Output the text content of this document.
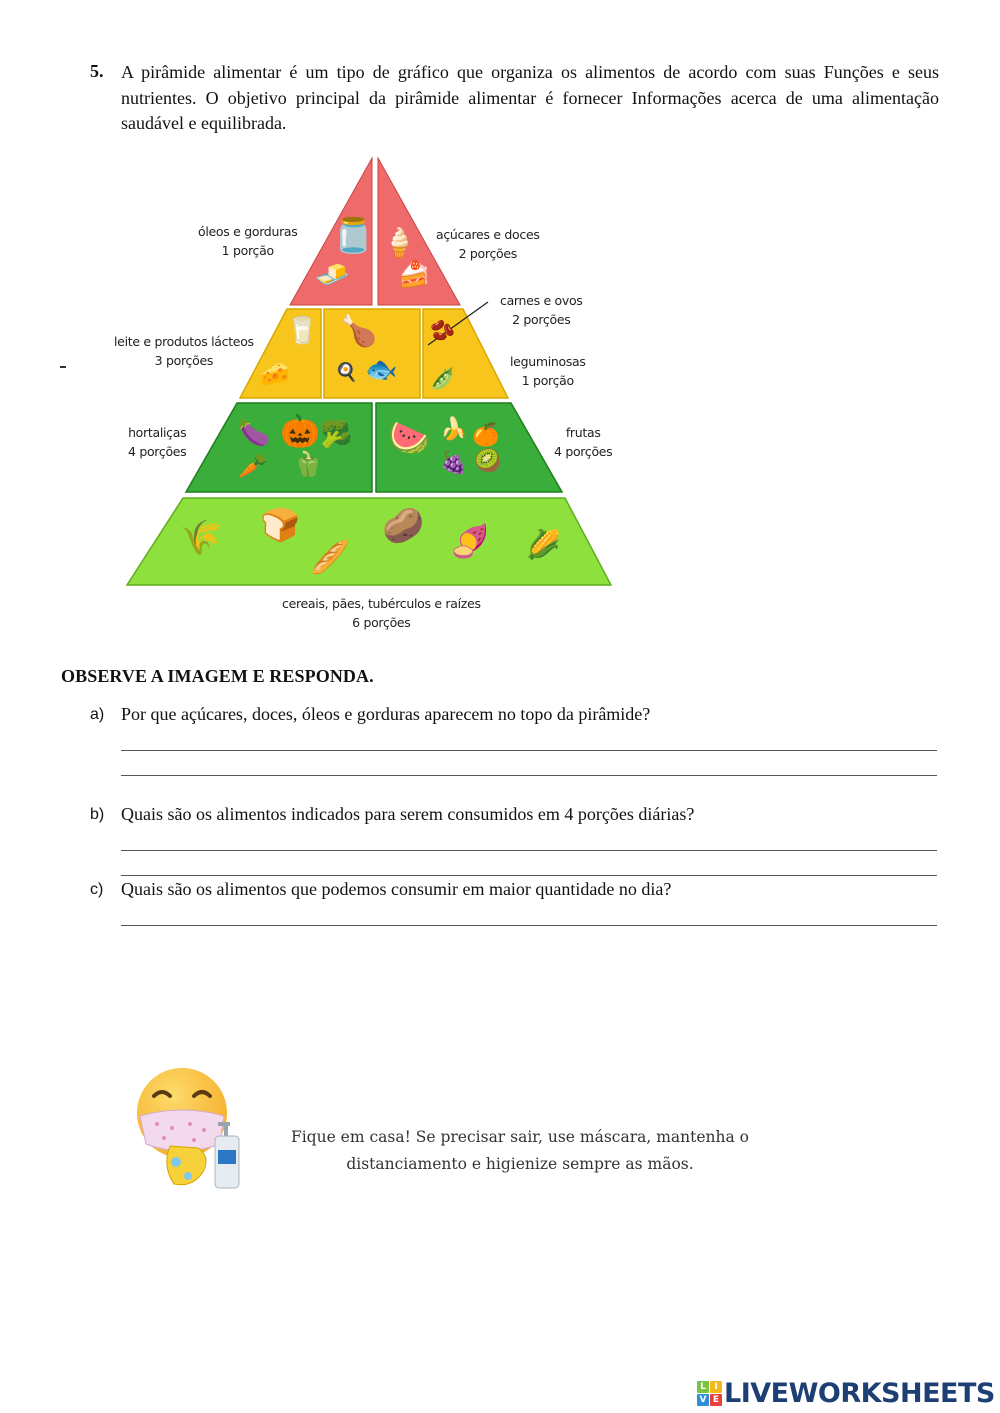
5. A pirâmide alimentar é um tipo de gráfico que organiza os alimentos de acordo com suas Funções e seus nutrientes. O objetivo principal da pirâmide alimentar é fornecer Informações acerca de uma alimentação saudável e equilibrada.
🫙
🧈
🍦
🍰
🥛
🧀
🍗
🐟
🍳
🫘
🫛
🍆 🎃 🥦
🥕 🫑
🍉 🍌 🍊
🍇 🥝
🌾 🍞
🥖
🥔 🍠 🌽
óleos e gorduras
1 porção
açúcares e doces
2 porções
carnes e ovos
2 porções
leite e produtos lácteos
3 porções	leguminosas
1 porção
hortaliças
4 porções
frutas
4 porções
cereais, pães, tubérculos e raízes
6 porções
OBSERVE A IMAGEM E RESPONDA.
a) Por que açúcares, doces, óleos e gorduras aparecem no topo da pirâmide?
b) Quais são os alimentos indicados para serem consumidos em 4 porções diárias?
c) Quais são os alimentos que podemos consumir em maior quantidade no dia?
Fique em casa! Se precisar sair, use máscara, mantenha o
distanciamento e higienize sempre as mãos.
L I
V E LIVEWORKSHEETS
